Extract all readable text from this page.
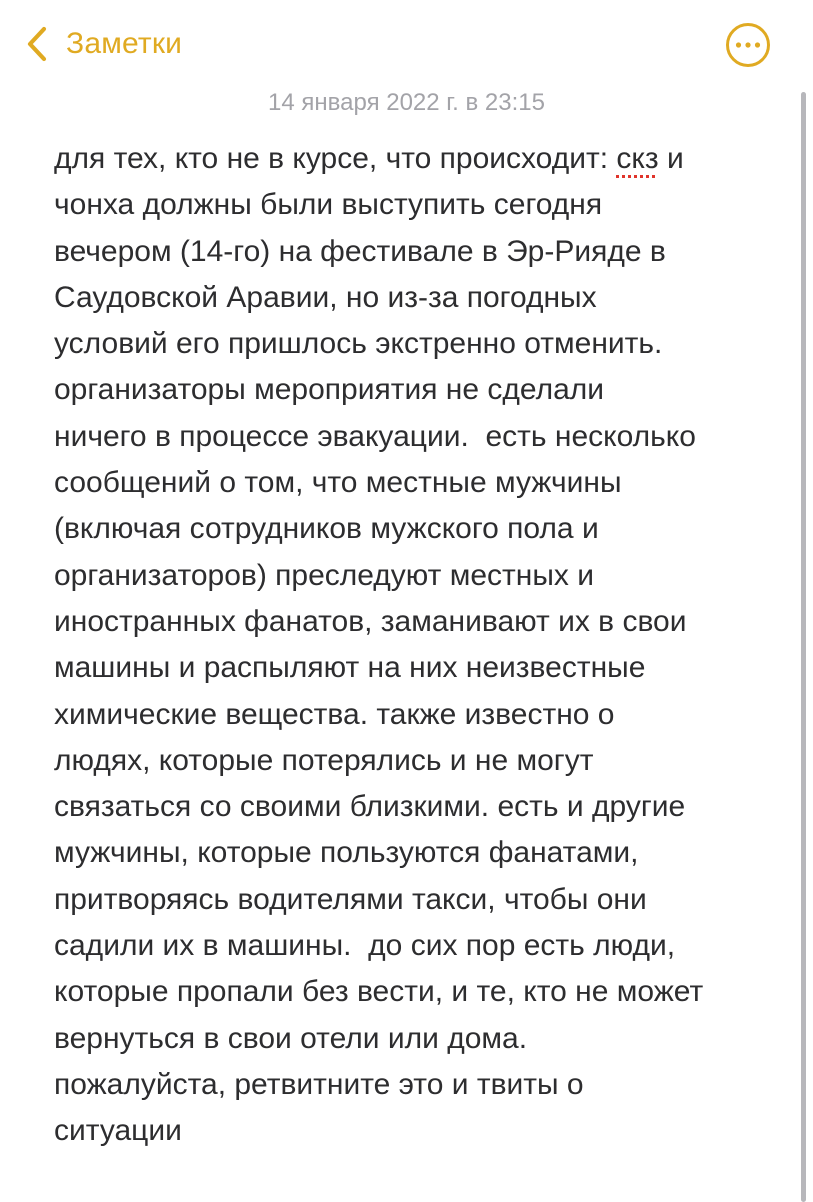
Заметки
14 января 2022 г. в 23:15
для тех, кто не в курсе, что происходит: скз и
чонха должны были выступить сегодня
вечером (14-го) на фестивале в Эр-Рияде в
Саудовской Аравии, но из-за погодных
условий его пришлось экстренно отменить.
организаторы мероприятия не сделали
ничего в процессе эвакуации.  есть несколько
сообщений о том, что местные мужчины
(включая сотрудников мужского пола и
организаторов) преследуют местных и
иностранных фанатов, заманивают их в свои
машины и распыляют на них неизвестные
химические вещества. также известно о
людях, которые потерялись и не могут
связаться со своими близкими. есть и другие
мужчины, которые пользуются фанатами,
притворяясь водителями такси, чтобы они
садили их в машины.  до сих пор есть люди,
которые пропали без вести, и те, кто не может
вернуться в свои отели или дома.
пожалуйста, ретвитните это и твиты о
ситуации
